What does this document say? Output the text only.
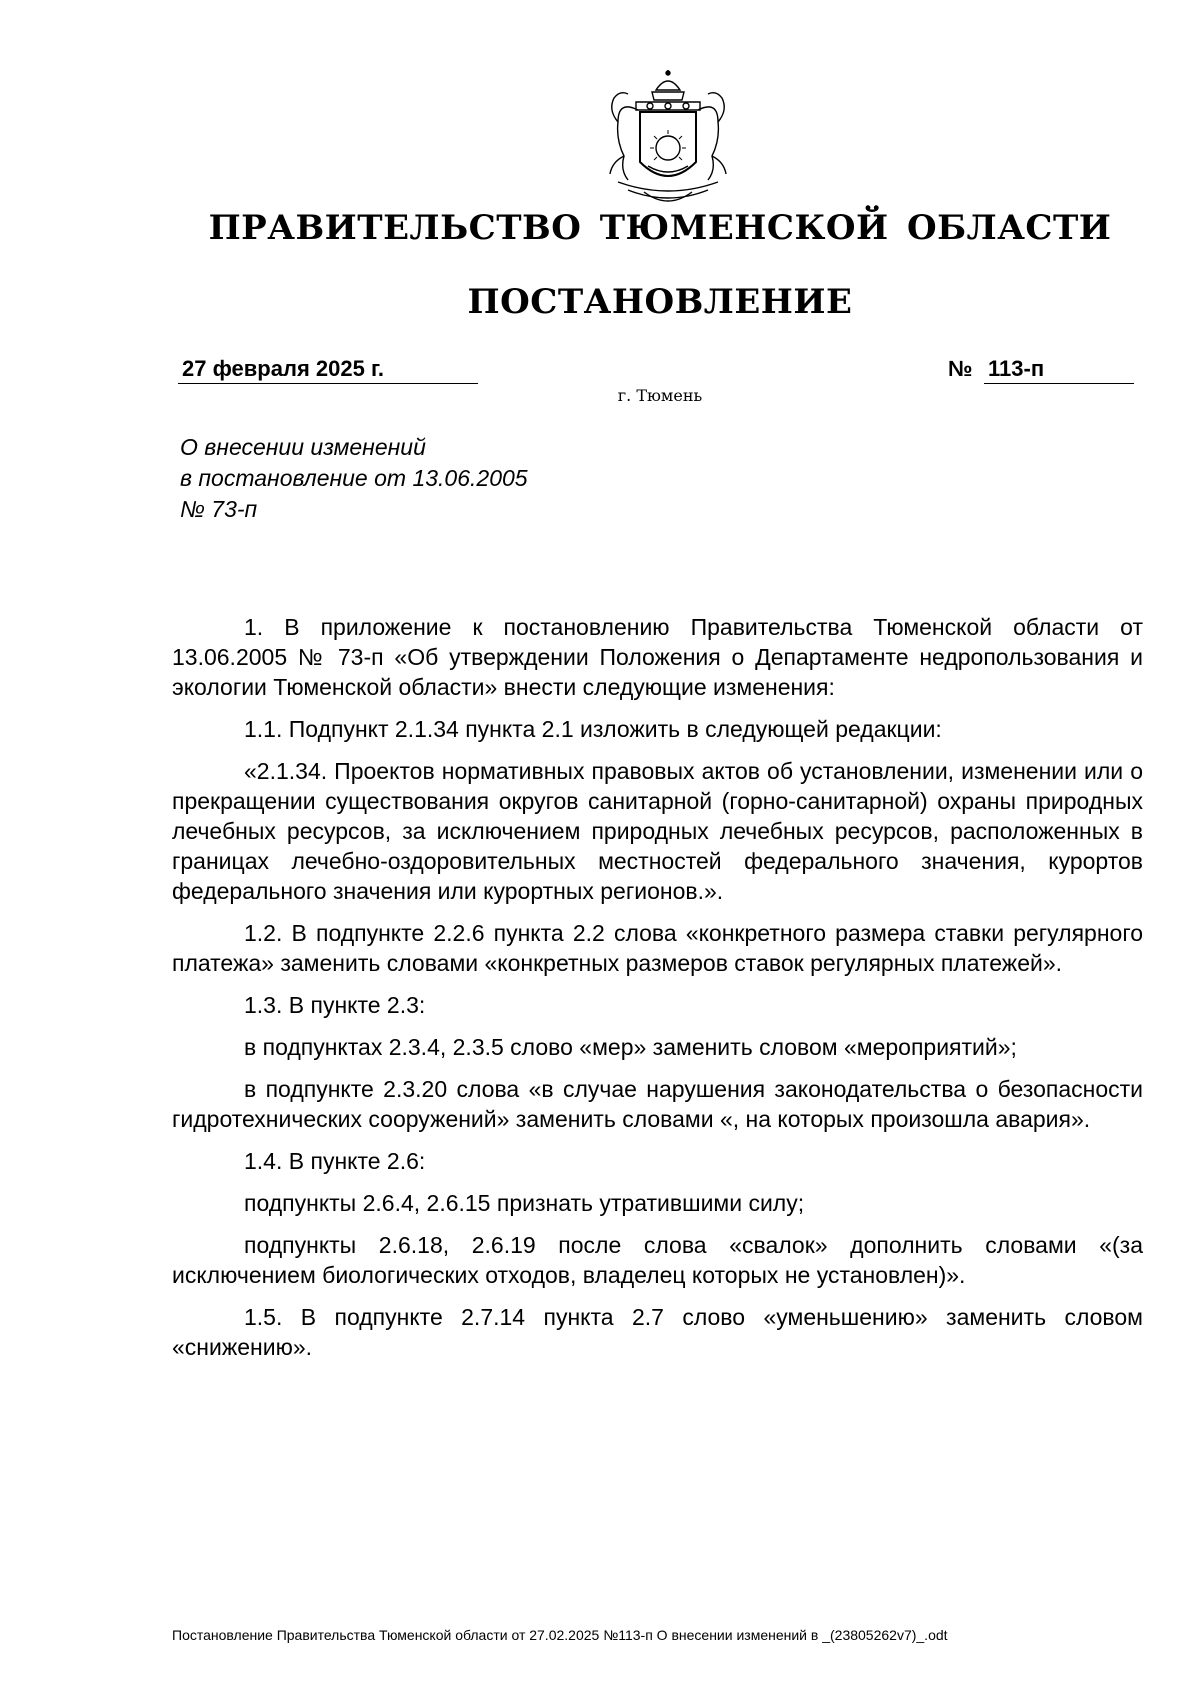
ПРАВИТЕЛЬСТВО ТЮМЕНСКОЙ ОБЛАСТИ
ПОСТАНОВЛЕНИЕ
27 февраля 2025 г.	№ 113-п
г. Тюмень
О внесении изменений
в постановление от 13.06.2005
№ 73-п

1. В приложение к постановлению Правительства Тюменской области от 13.06.2005 № 73-п «Об утверждении Положения о Департаменте недропользования и экологии Тюменской области» внести следующие изменения:

1.1. Подпункт 2.1.34 пункта 2.1 изложить в следующей редакции:

«2.1.34. Проектов нормативных правовых актов об установлении, изменении или о прекращении существования округов санитарной (горно-санитарной) охраны природных лечебных ресурсов, за исключением природных лечебных ресурсов, расположенных в границах лечебно-оздоровительных местностей федерального значения, курортов федерального значения или курортных регионов.».

1.2. В подпункте 2.2.6 пункта 2.2 слова «конкретного размера ставки регулярного платежа» заменить словами «конкретных размеров ставок регулярных платежей».

1.3. В пункте 2.3:

в подпунктах 2.3.4, 2.3.5 слово «мер» заменить словом «мероприятий»;

в подпункте 2.3.20 слова «в случае нарушения законодательства о безопасности гидротехнических сооружений» заменить словами «, на которых произошла авария».

1.4. В пункте 2.6:

подпункты 2.6.4, 2.6.15 признать утратившими силу;

подпункты 2.6.18, 2.6.19 после слова «свалок» дополнить словами «(за исключением биологических отходов, владелец которых не установлен)».

1.5. В подпункте 2.7.14 пункта 2.7 слово «уменьшению» заменить словом «снижению».

Постановление Правительства Тюменской области от 27.02.2025 №113-п О внесении изменений в _(23805262v7)_.odt
